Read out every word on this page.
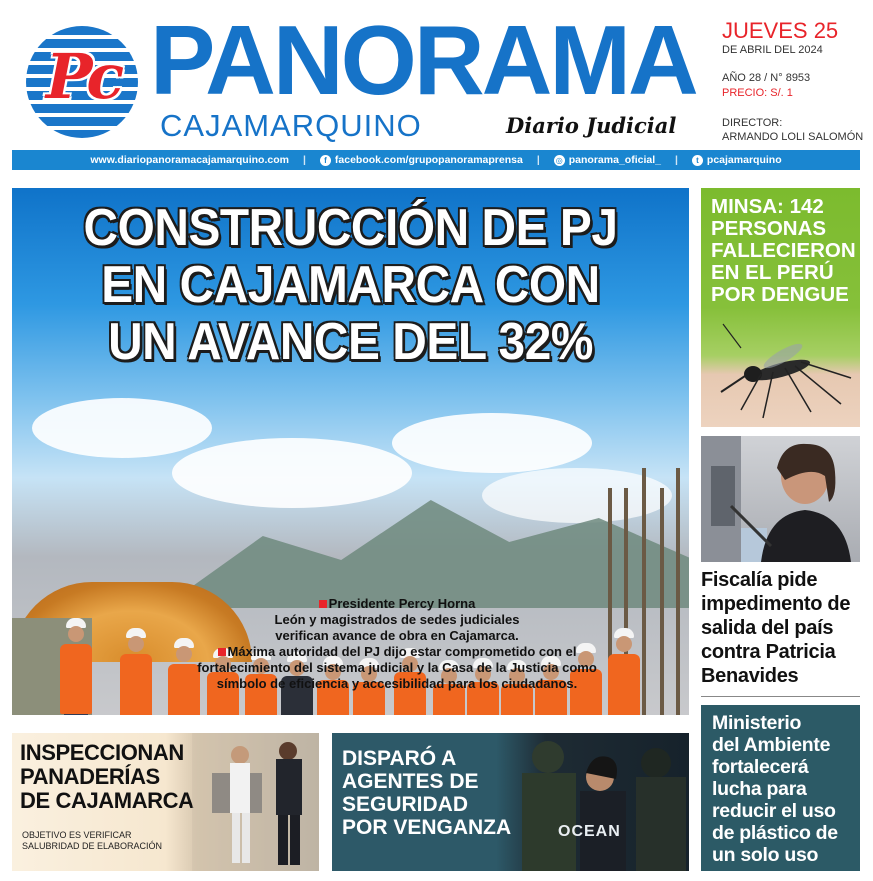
Pc PANORAMA
CAJAMARQUINO	Diario Judicial
JUEVES 25
DE ABRIL DEL 2024
AÑO 28 / N° 8953
PRECIO: S/. 1
DIRECTOR:
ARMANDO LOLI SALOMÓN
www.diariopanoramacajamarquino.com |	f facebook.com/grupopanoramaprensa | ◎ panorama_oficial_ |	t pcajamarquino
CONSTRUCCIÓN DE PJ
EN CAJAMARCA CON
UN AVANCE DEL 32%
Presidente Percy Horna
León y magistrados de sedes judiciales
verifican avance de obra en Cajamarca.
Máxima autoridad del PJ dijo estar comprometido con el
fortalecimiento del sistema judicial y la Casa de la Justicia como
símbolo de eficiencia y accesibilidad para los ciudadanos.
MINSA: 142
PERSONAS
FALLECIERON
EN EL PERÚ
POR DENGUE
Fiscalía pide
impedimento de
salida del país
contra Patricia
Benavides
Ministerio
del Ambiente
fortalecerá
lucha para
reducir el uso
de plástico de
un solo uso
INSPECCIONAN
PANADERÍAS
DE CAJAMARCA
OBJETIVO ES VERIFICAR
SALUBRIDAD DE ELABORACIÓN
DISPARÓ A
AGENTES DE
SEGURIDAD
POR VENGANZA	OCEAN
